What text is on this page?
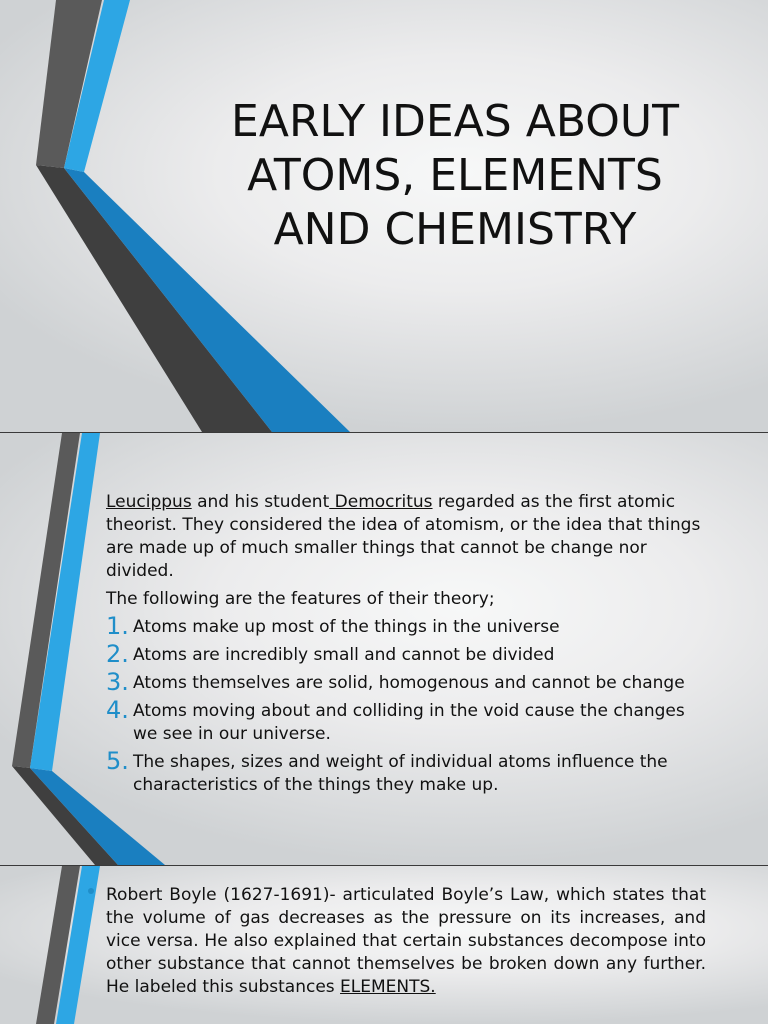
EARLY IDEAS ABOUT
ATOMS, ELEMENTS
AND CHEMISTRY

Leucippus and his student Democritus regarded as the first atomic theorist. They considered the idea of atomism, or the idea that things are made up of much smaller things that cannot be change nor divided.

The following are the features of their theory;

1. Atoms make up most of the things in the universe
2. Atoms are incredibly small and cannot be divided
3. Atoms themselves are solid, homogenous and cannot be change
4. Atoms moving about and colliding in the void cause the changes we see in our universe.
5. The shapes, sizes and weight of individual atoms influence the characteristics of the things they make up.
Robert Boyle (1627-1691)- articulated Boyle’s Law, which states that the volume of gas decreases as the pressure on its increases, and vice versa. He also explained that certain substances decompose into other substance that cannot themselves be broken down any further. He labeled this substances ELEMENTS.
